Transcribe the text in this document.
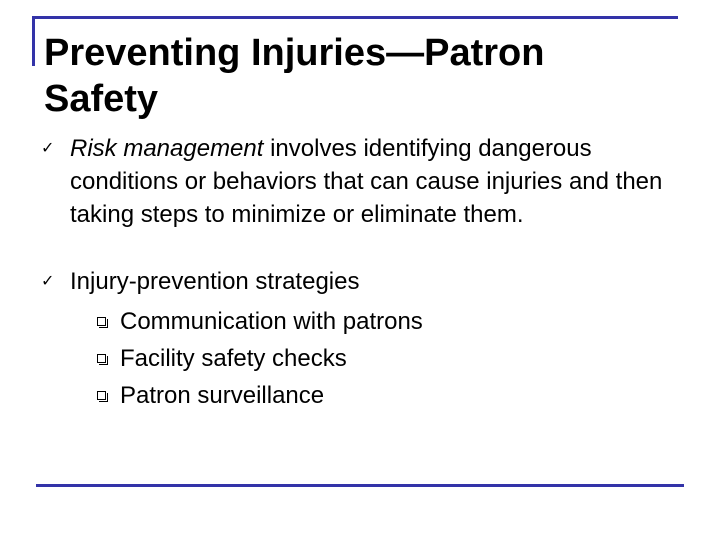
Preventing Injuries—Patron Safety
✓ Risk management involves identifying dangerous conditions or behaviors that can cause injuries and then taking steps to minimize or eliminate them.
✓ Injury-prevention strategies
Communication with patrons
Facility safety checks
Patron surveillance
